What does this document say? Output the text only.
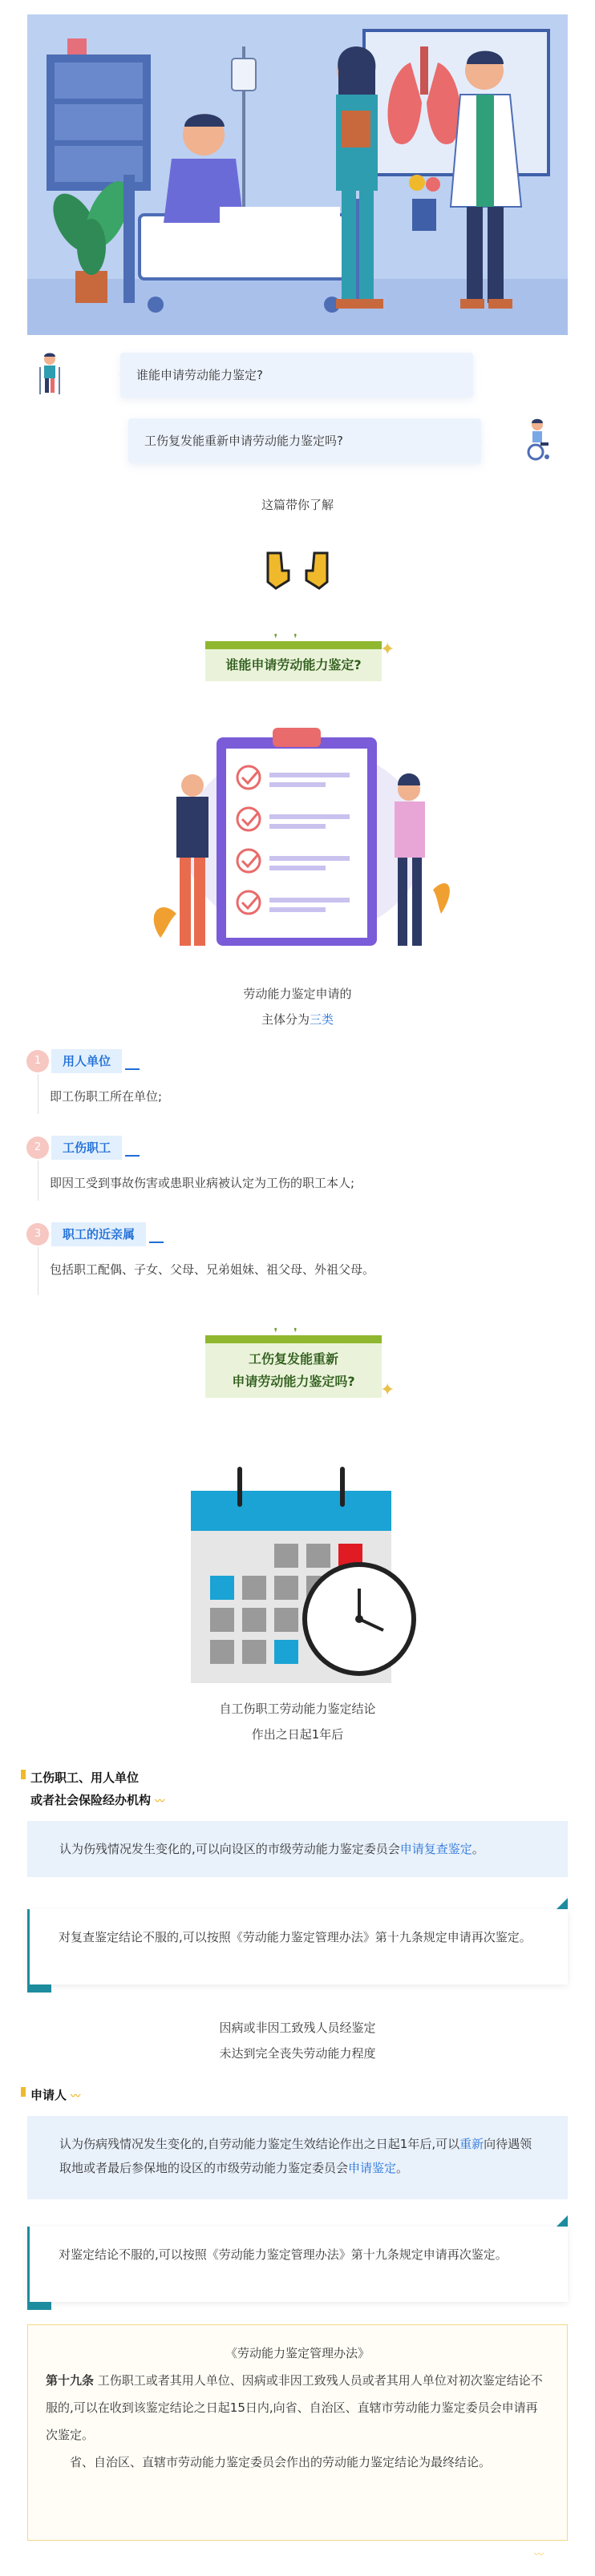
谁能申请劳动能力鉴定?
工伤复发能重新申请劳动能力鉴定吗?
这篇带你了解
❜❜
谁能申请劳动能力鉴定?
✦
劳动能力鉴定申请的
主体分为三类
1	用人单位
即工伤职工所在单位;
2	工伤职工
即因工受到事故伤害或患职业病被认定为工伤的职工本人;
3	职工的近亲属
包括职工配偶、子女、父母、兄弟姐妹、祖父母、外祖父母。
❜❜
工伤复发能重新
申请劳动能力鉴定吗?	✦
自工伤职工劳动能力鉴定结论
作出之日起1年后
工伤职工、用人单位
或者社会保险经办机构 〰
认为伤残情况发生变化的,可以向设区的市级劳动能力鉴定委员会申请复查鉴定。
对复查鉴定结论不服的,可以按照《劳动能力鉴定管理办法》第十九条规定申请再次鉴定。
因病或非因工致残人员经鉴定
未达到完全丧失劳动能力程度
申请人 〰
认为伤病残情况发生变化的,自劳动能力鉴定生效结论作出之日起1年后,可以重新向待遇领取地或者最后参保地的设区的市级劳动能力鉴定委员会申请鉴定。
对鉴定结论不服的,可以按照《劳动能力鉴定管理办法》第十九条规定申请再次鉴定。
《劳动能力鉴定管理办法》
第十九条 工伤职工或者其用人单位、因病或非因工致残人员或者其用人单位对初次鉴定结论不服的,可以在收到该鉴定结论之日起15日内,向省、自治区、直辖市劳动能力鉴定委员会申请再次鉴定。
省、自治区、直辖市劳动能力鉴定委员会作出的劳动能力鉴定结论为最终结论。
〰
